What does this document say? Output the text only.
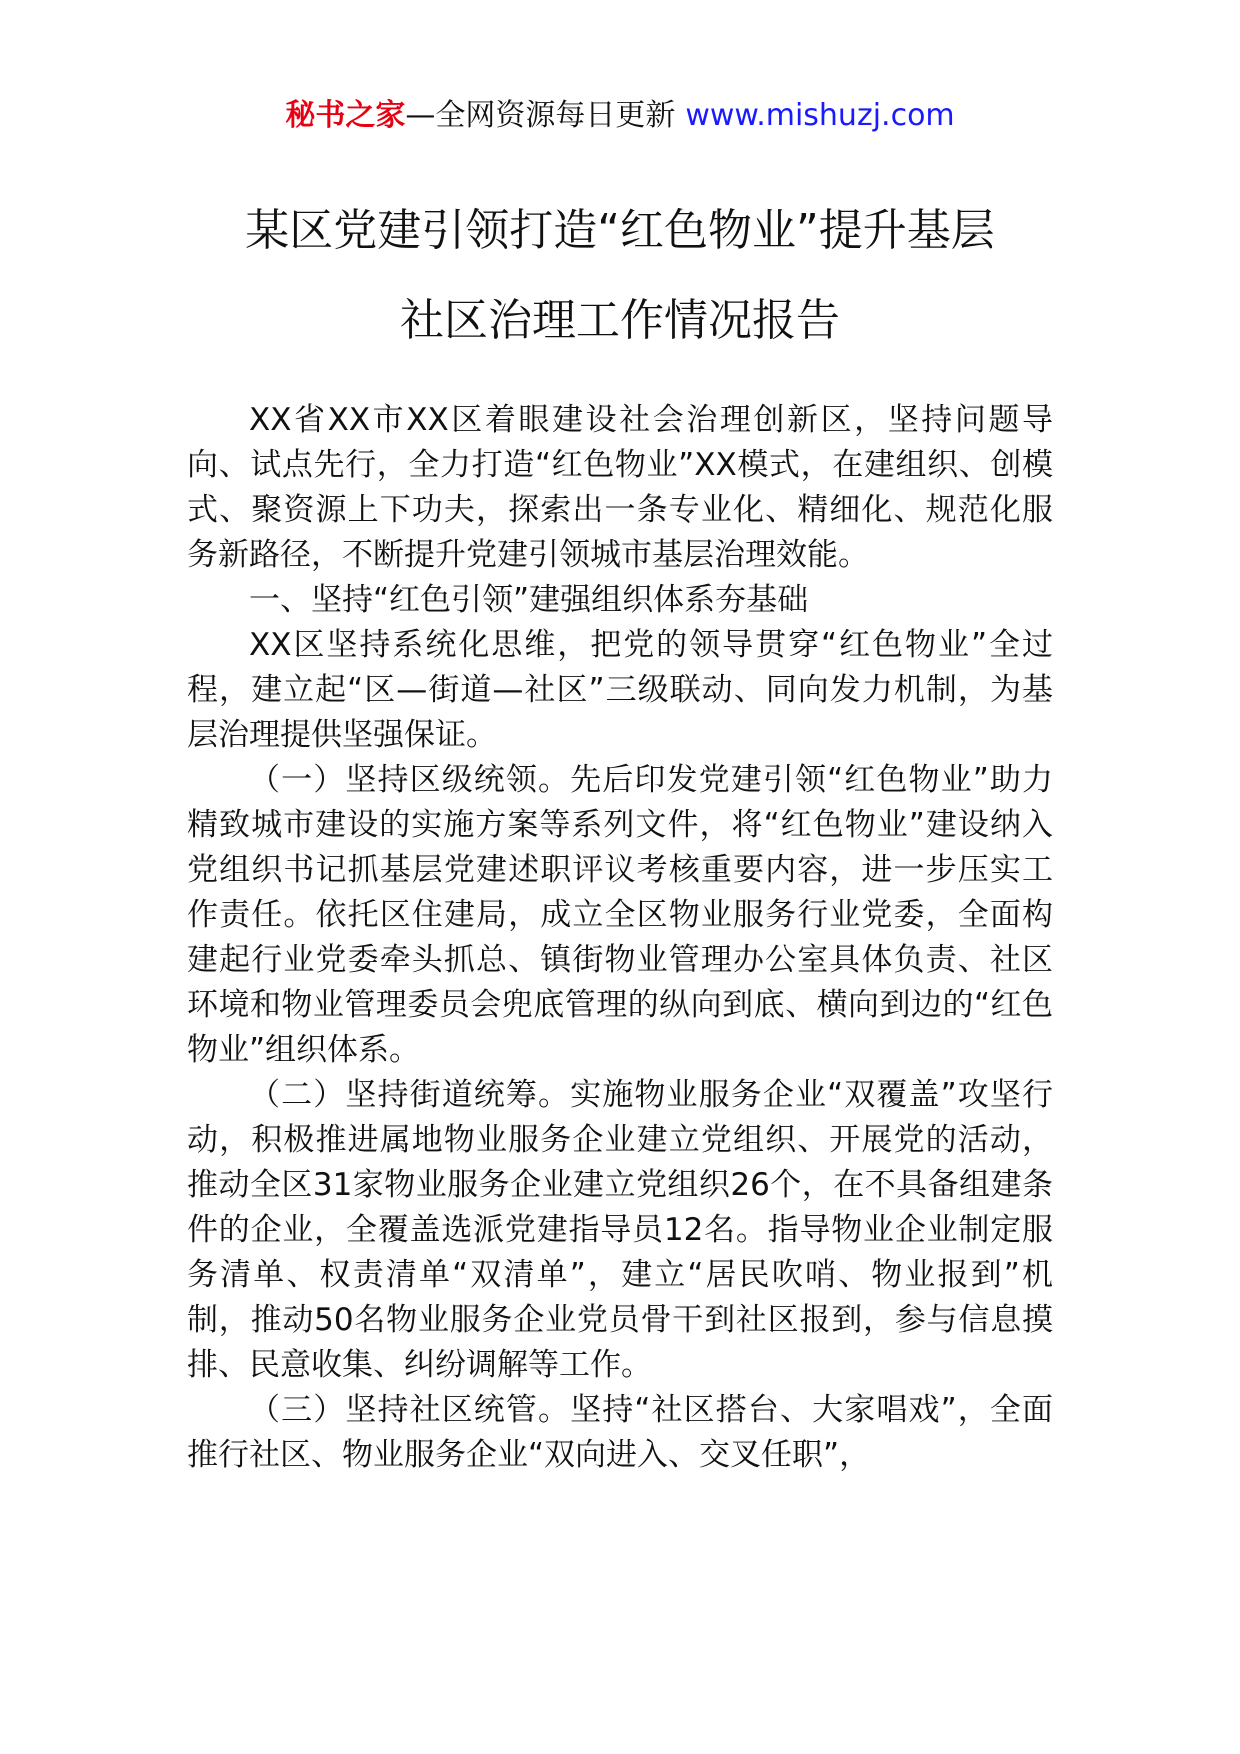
秘书之家—全网资源每日更新 www.mishuzj.com
某区党建引领打造“红色物业”提升基层
社区治理工作情况报告

XX省XX市XX区着眼建设社会治理创新区，坚持问题导向、试点先行，全力打造“红色物业”XX模式，在建组织、创模式、聚资源上下功夫，探索出一条专业化、精细化、规范化服务新路径，不断提升党建引领城市基层治理效能。

一、坚持“红色引领”建强组织体系夯基础

XX区坚持系统化思维，把党的领导贯穿“红色物业”全过程，建立起“区—街道—社区”三级联动、同向发力机制，为基层治理提供坚强保证。

（一）坚持区级统领。先后印发党建引领“红色物业”助力精致城市建设的实施方案等系列文件，将“红色物业”建设纳入党组织书记抓基层党建述职评议考核重要内容，进一步压实工作责任。依托区住建局，成立全区物业服务行业党委，全面构建起行业党委牵头抓总、镇街物业管理办公室具体负责、社区环境和物业管理委员会兜底管理的纵向到底、横向到边的“红色物业”组织体系。

（二）坚持街道统筹。实施物业服务企业“双覆盖”攻坚行动，积极推进属地物业服务企业建立党组织、开展党的活动，推动全区31家物业服务企业建立党组织26个，在不具备组建条件的企业，全覆盖选派党建指导员12名。指导物业企业制定服务清单、权责清单“双清单”，建立“居民吹哨、物业报到”机制，推动50名物业服务企业党员骨干到社区报到，参与信息摸排、民意收集、纠纷调解等工作。

（三）坚持社区统管。坚持“社区搭台、大家唱戏”，全面推行社区、物业服务企业“双向进入、交叉任职”，
